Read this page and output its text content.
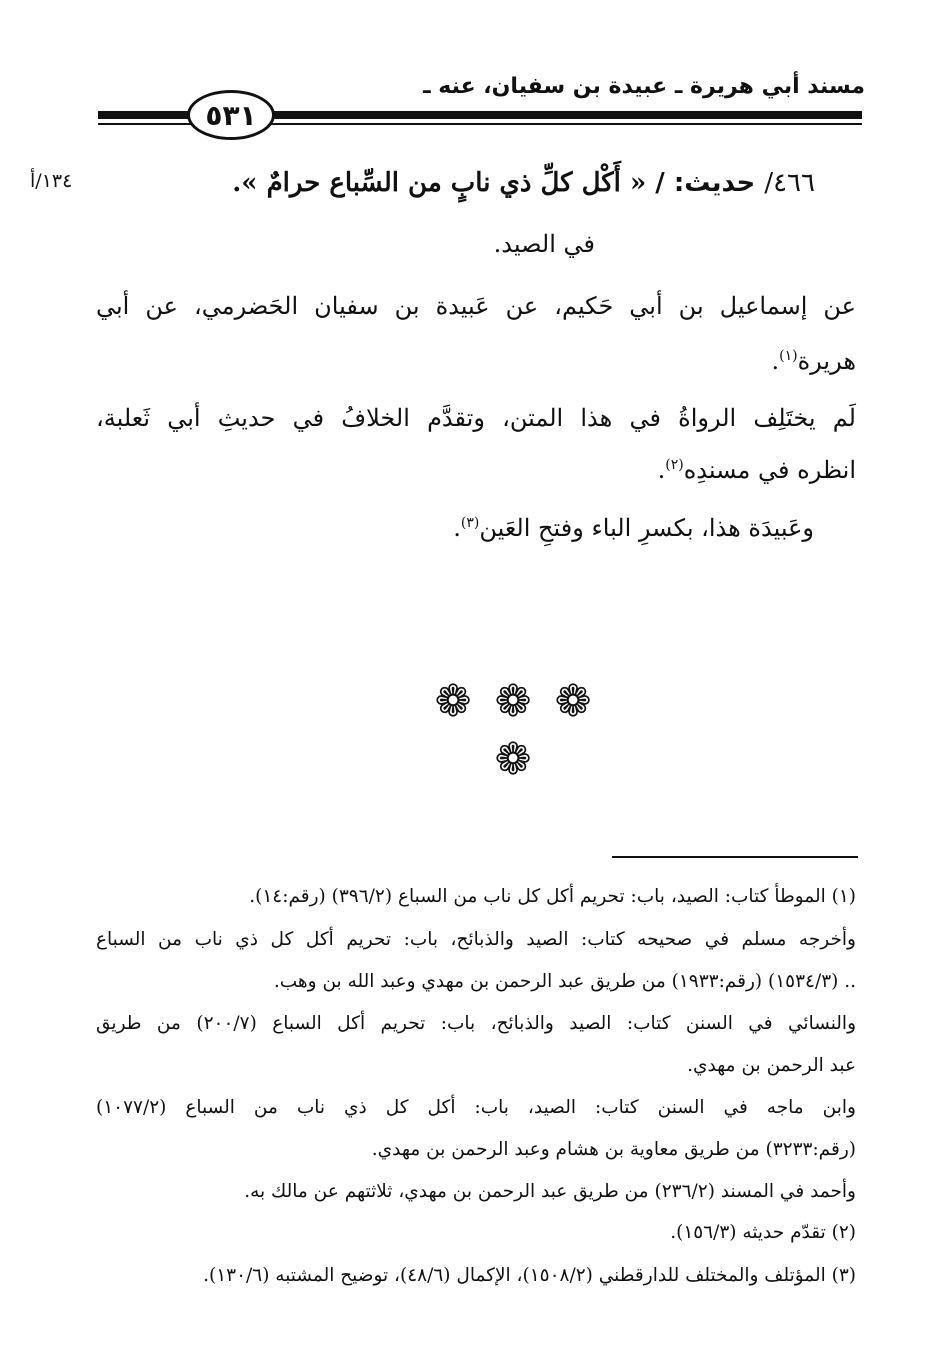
مسند أبي هريرة ـ عبيدة بن سفيان، عنه ـ
٥٣١
١٣٤/أ	٤٦٦/ حديث: / « أَكْل كلِّ ذي نابٍ من السِّباع حرامٌ ».
في الصيد.
عن إسماعيل بن أبي حَكيم، عن عَبيدة بن سفيان الحَضرمي، عن أبي
هريرة$^{(١)}$.
لَم يختَلِف الرواةُ في هذا المتن، وتقدَّم الخلافُ في حديثِ أبي ثَعلبة،
انظره في مسندِه$^{(٢)}$.
وعَبيدَة هذا، بكسرِ الباء وفتحِ العَين$^{(٣)}$.
❁ ❁ ❁
❁
(١) الموطأ كتاب: الصيد، باب: تحريم أكل كل ناب من السباع (٣٩٦/٢) (رقم:١٤).
وأخرجه مسلم في صحيحه كتاب: الصيد والذبائح، باب: تحريم أكل كل ذي ناب من السباع
.. (١٥٣٤/٣) (رقم:١٩٣٣) من طريق عبد الرحمن بن مهدي وعبد الله بن وهب.
والنسائي في السنن كتاب: الصيد والذبائح، باب: تحريم أكل السباع (٢٠٠/٧) من طريق
عبد الرحمن بن مهدي.
وابن ماجه في السنن كتاب: الصيد، باب: أكل كل ذي ناب من السباع (١٠٧٧/٢)
(رقم:٣٢٣٣) من طريق معاوية بن هشام وعبد الرحمن بن مهدي.
وأحمد في المسند (٢٣٦/٢) من طريق عبد الرحمن بن مهدي، ثلاثتهم عن مالك به.
(٢) تقدّم حديثه (١٥٦/٣).
(٣) المؤتلف والمختلف للدارقطني (١٥٠٨/٢)، الإكمال (٤٨/٦)، توضيح المشتبه (١٣٠/٦).
